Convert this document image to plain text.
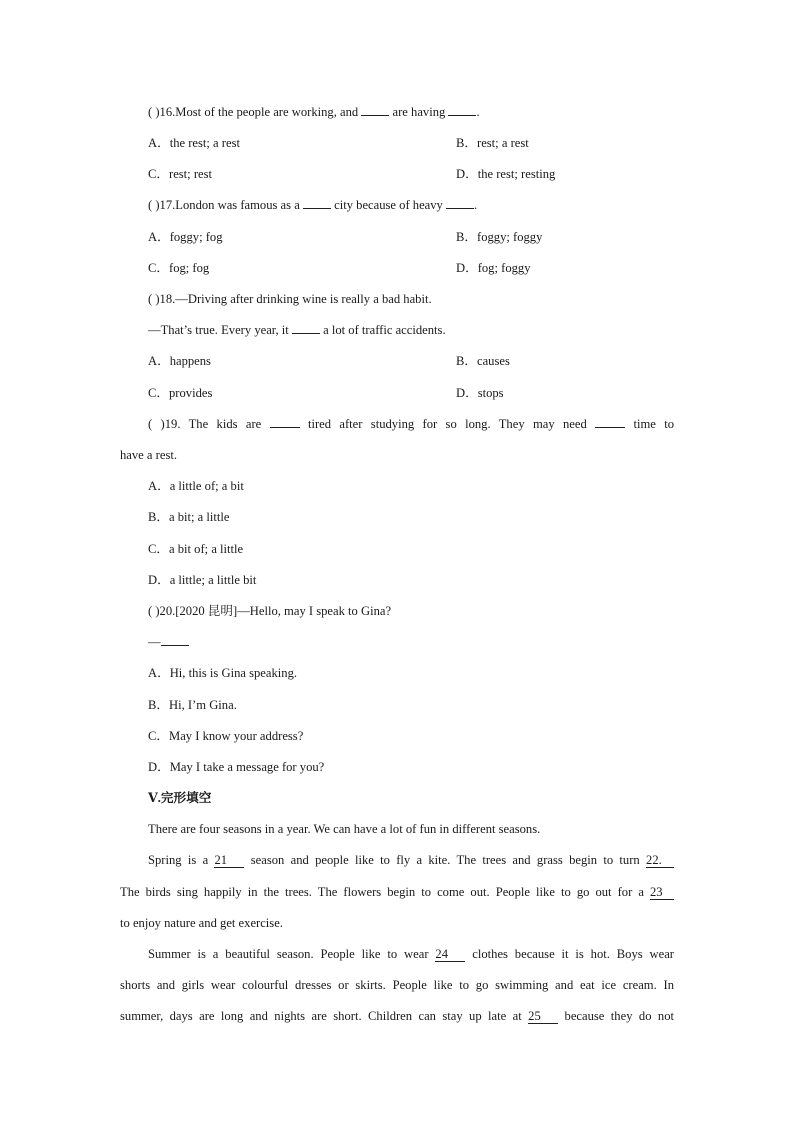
( )16.Most of the people are working, and	are having .
A．the rest; a rest	B．rest; a rest
C．rest; rest	D．the rest; resting
( )17.London was famous as a	city because of heavy .
A．foggy; fog	B．foggy; foggy
C．fog; fog	D．fog; foggy
( )18.—Driving after drinking wine is really a bad habit.
—That’s true. Every year, it	a lot of traffic accidents.
A．happens	B．causes
C．provides	D．stops
( )19. The kids are	tired after studying for so long. They may need	time to
have a rest.
A．a little of; a bit
B．a bit; a little
C．a bit of; a little
D．a little; a little bit
( )20.[2020 昆明]—Hello, may I speak to Gina?
—
A．Hi, this is Gina speaking.
B．Hi, I’m Gina.
C．May I know your address?
D．May I take a message for you?
Ⅴ.完形填空
There are four seasons in a year. We can have a lot of fun in different seasons.
Spring is a 21 season and people like to fly a kite. The trees and grass begin to turn 22.
The birds sing happily in the trees. The flowers begin to come out. People like to go out for a 23
to enjoy nature and get exercise.
Summer is a beautiful season. People like to wear 24 clothes because it is hot. Boys wear
shorts and girls wear colourful dresses or skirts. People like to go swimming and eat ice cream. In
summer, days are long and nights are short. Children can stay up late at 25 because they do not
